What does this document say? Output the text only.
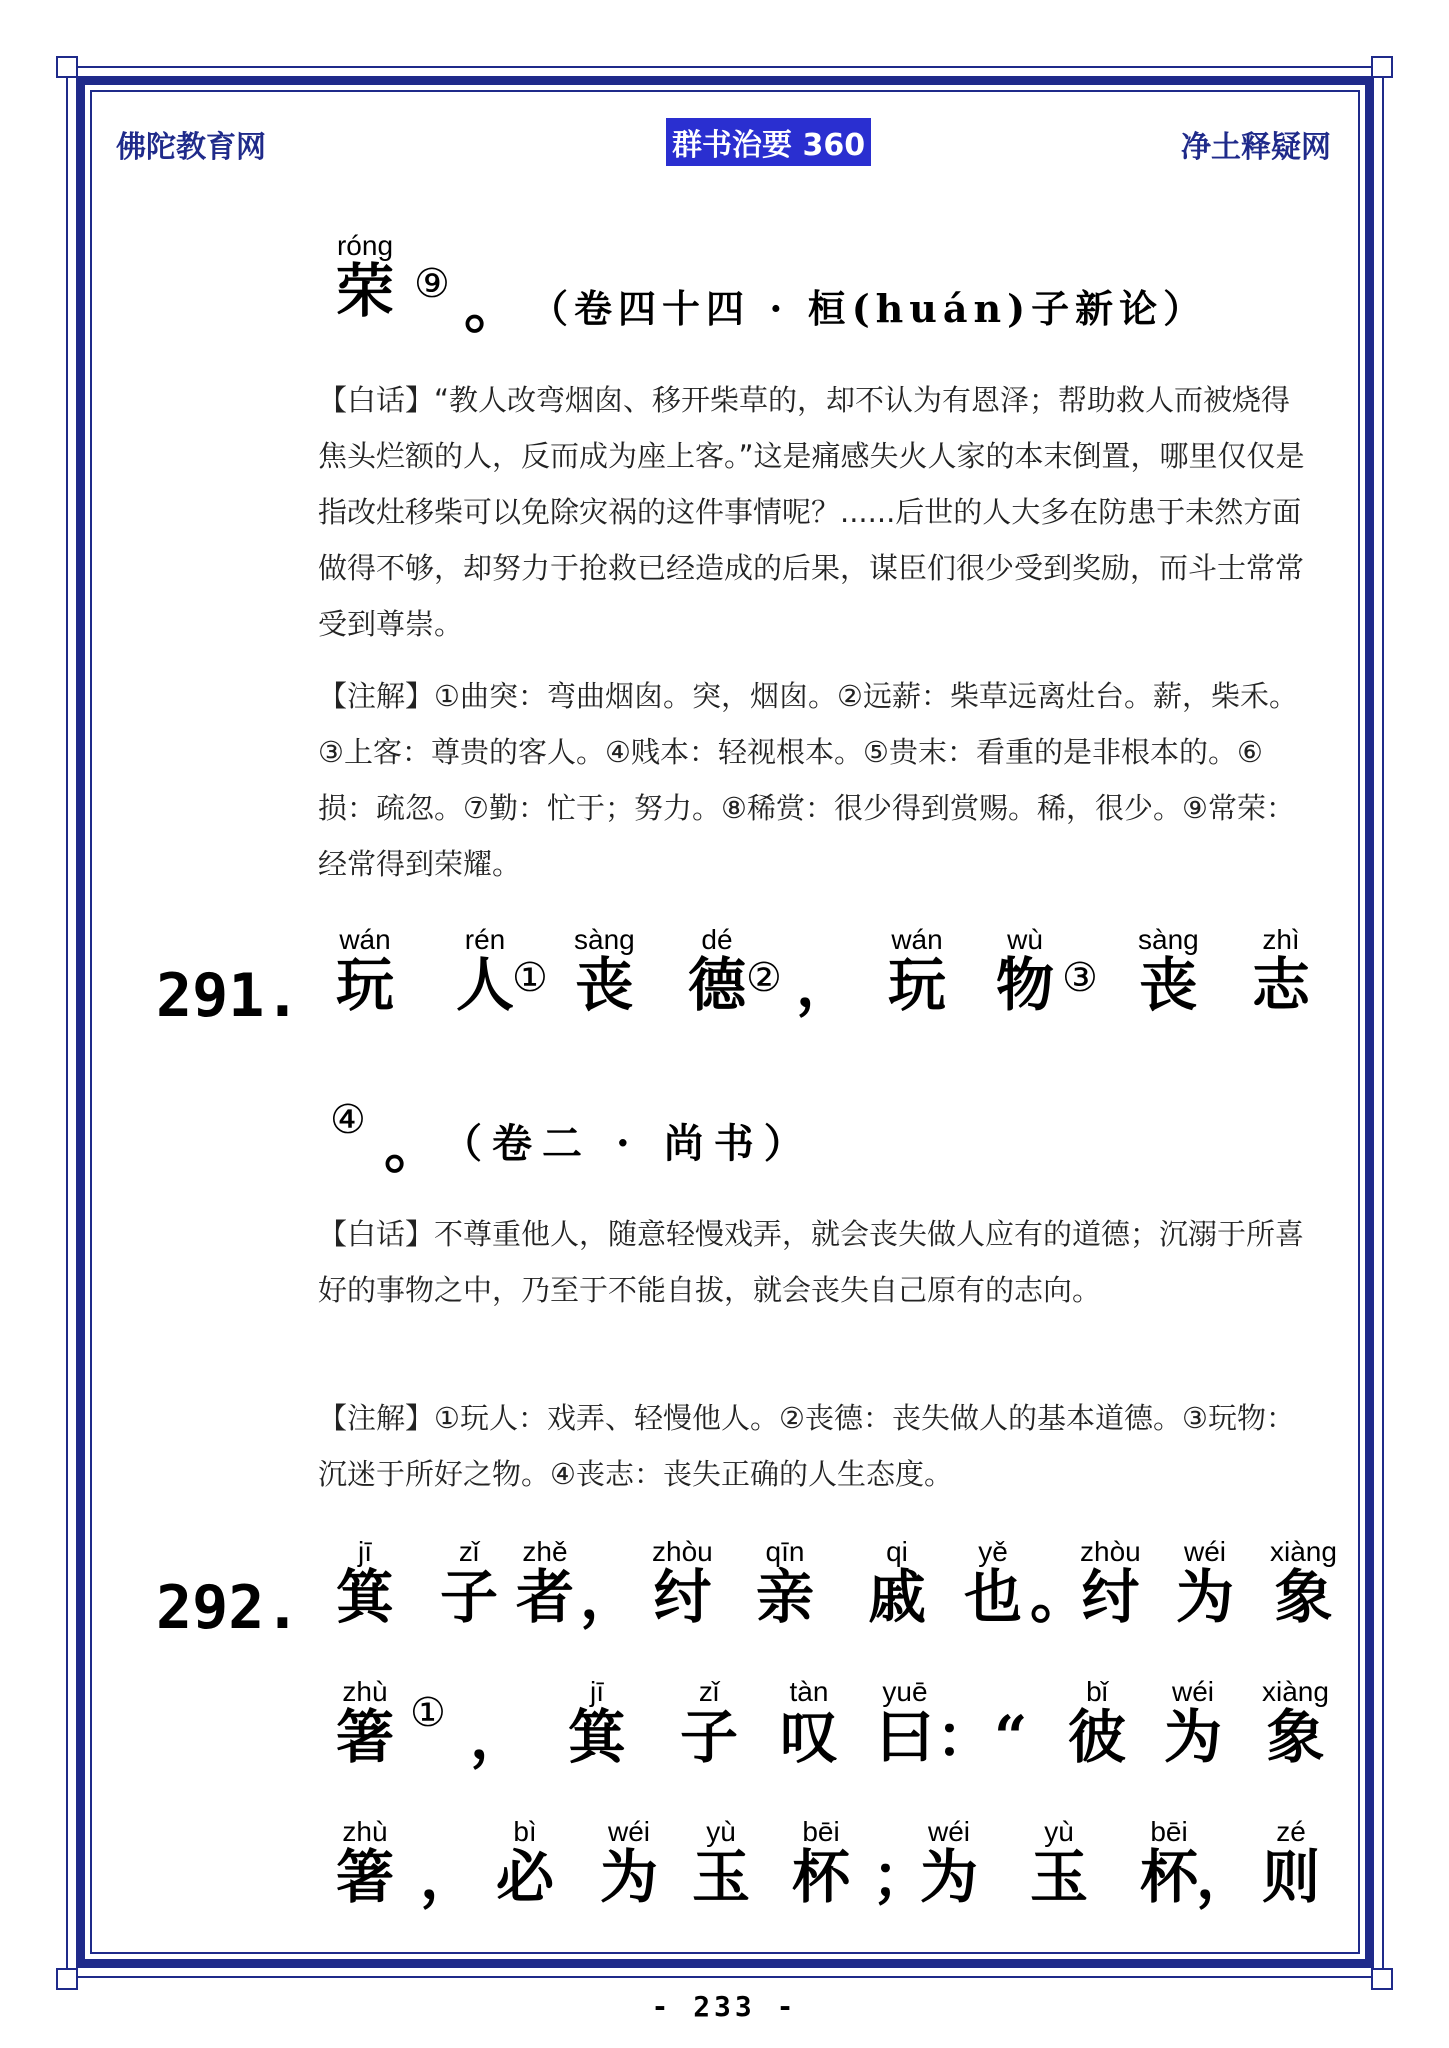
佛陀教育网	群书治要 360	净土释疑网
róng
荣 ⑨ 。 （卷四十四 · 桓(huán)子新论）
【白话】“教人改弯烟囱、移开柴草的，却不认为有恩泽；帮助救人而被烧得焦头烂额的人，反而成为座上客。”这是痛感失火人家的本末倒置，哪里仅仅是指改灶移柴可以免除灾祸的这件事情呢？......后世的人大多在防患于未然方面做得不够，却努力于抢救已经造成的后果，谋臣们很少受到奖励，而斗士常常受到尊崇。
【注解】①曲突：弯曲烟囱。突，烟囱。②远薪：柴草远离灶台。薪，柴禾。③上客：尊贵的客人。④贱本：轻视根本。⑤贵末：看重的是非根本的。⑥损：疏忽。⑦勤：忙于；努力。⑧稀赏：很少得到赏赐。稀，很少。⑨常荣：经常得到荣耀。
291.
wán
玩
rén
人
sàng
丧
dé
德 ，
wán
玩
wù
物
sàng
丧
zhì
志
①	②	③
④ 。 （卷二 · 尚书）
【白话】不尊重他人，随意轻慢戏弄，就会丧失做人应有的道德；沉溺于所喜好的事物之中，乃至于不能自拔，就会丧失自己原有的志向。
【注解】①玩人：戏弄、轻慢他人。②丧德：丧失做人的基本道德。③玩物：沉迷于所好之物。④丧志：丧失正确的人生态度。
292.
jī
箕
zǐ
子
zhě
者 ，
zhòu
纣
qīn
亲
qi
戚
yě
也 。
zhòu
纣
wéi
为
xiàng
象
zhù
箸 ① ，
jī
箕
zǐ
子
tàn
叹
yuē
曰 ：“
bǐ
彼
wéi
为
xiàng
象
zhù
箸 ，
bì
必
wéi
为
yù
玉
bēi
杯 ；
wéi
为
yù
玉
bēi
杯
，
zé
则
- 233 -
